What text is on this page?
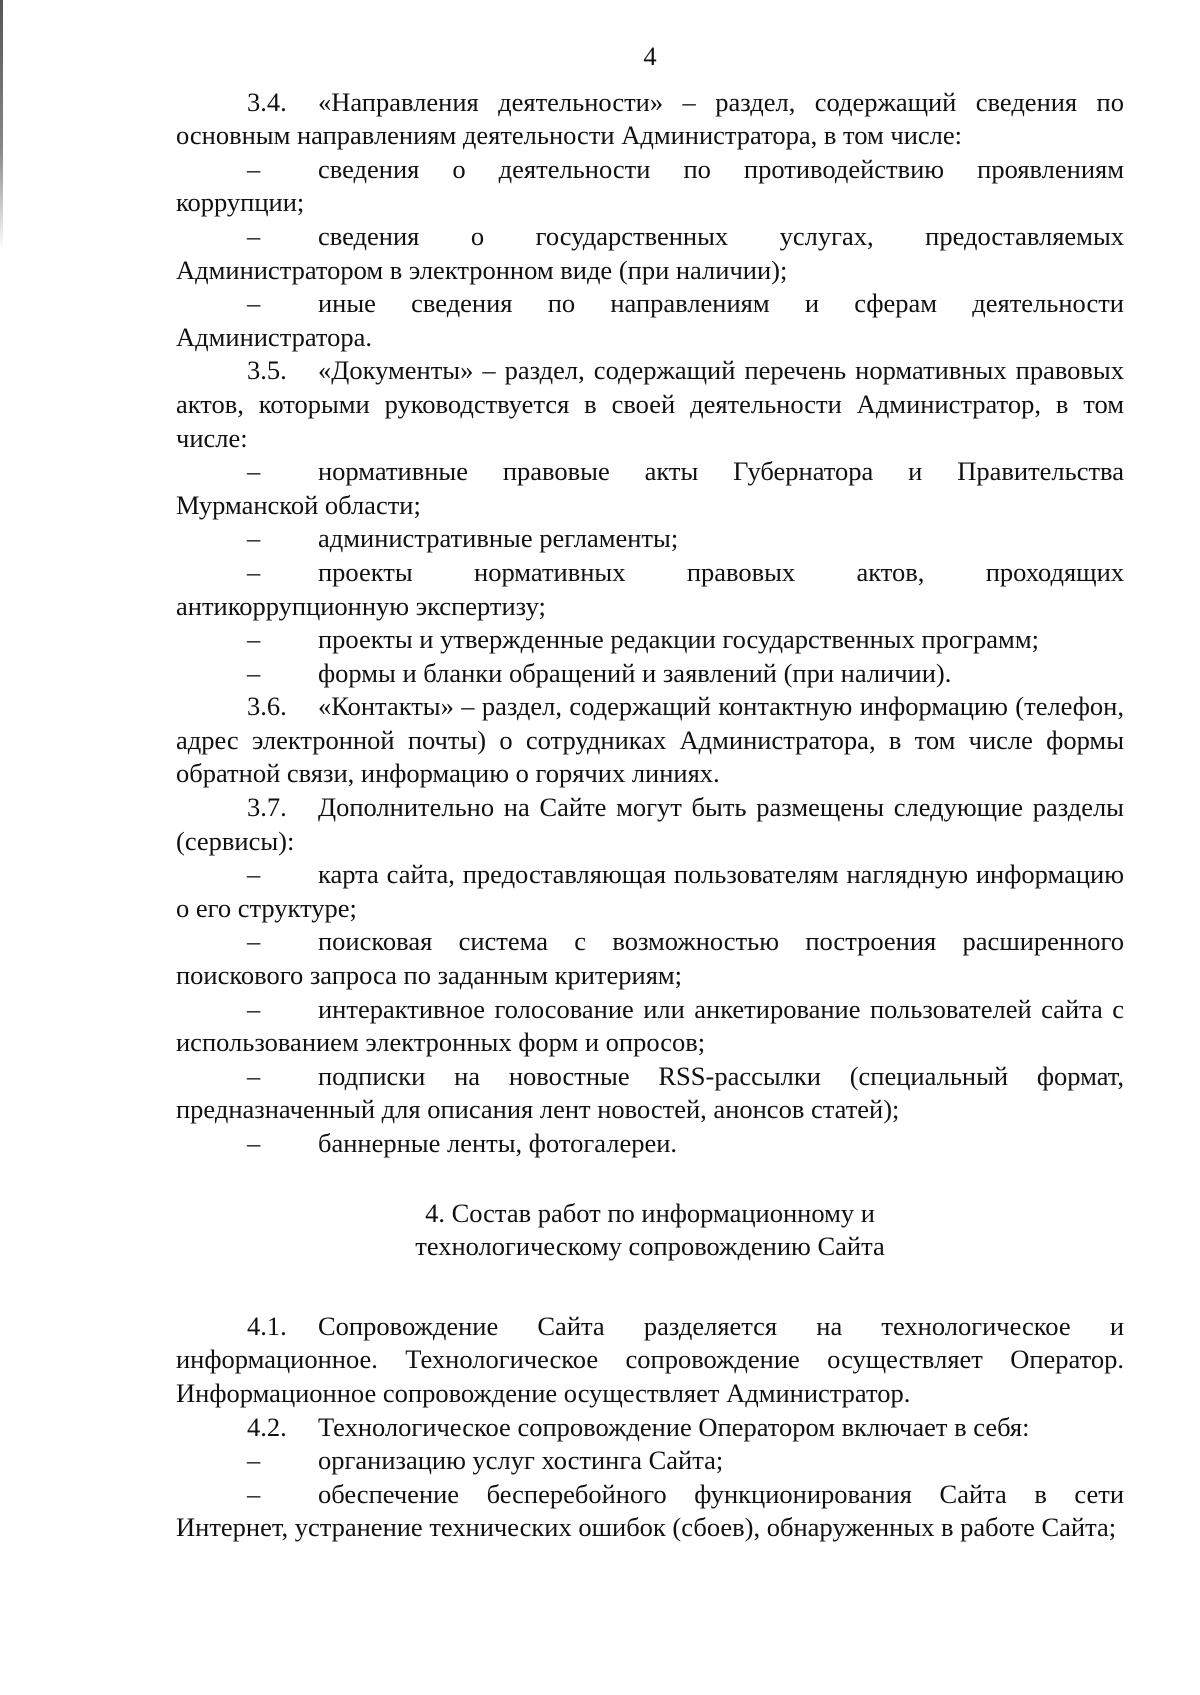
4

3.4. «Направления деятельности» – раздел, содержащий сведения по основным направлениям деятельности Администратора, в том числе:

– сведения о деятельности по противодействию проявлениям коррупции;

– сведения о государственных услугах, предоставляемых Администратором в электронном виде (при наличии);

– иные сведения по направлениям и сферам деятельности Администратора.

3.5. «Документы» – раздел, содержащий перечень нормативных правовых актов, которыми руководствуется в своей деятельности Администратор, в том числе:

– нормативные правовые акты Губернатора и Правительства Мурманской области;

– административные регламенты;

– проекты нормативных правовых актов, проходящих антикоррупционную экспертизу;

– проекты и утвержденные редакции государственных программ;

– формы и бланки обращений и заявлений (при наличии).

3.6. «Контакты» – раздел, содержащий контактную информацию (телефон, адрес электронной почты) о сотрудниках Администратора, в том числе формы обратной связи, информацию о горячих линиях.

3.7. Дополнительно на Сайте могут быть размещены следующие разделы (сервисы):

– карта сайта, предоставляющая пользователям наглядную информацию о его структуре;

– поисковая система с возможностью построения расширенного поискового запроса по заданным критериям;

– интерактивное голосование или анкетирование пользователей сайта с использованием электронных форм и опросов;

– подписки на новостные RSS-рассылки (специальный формат, предназначенный для описания лент новостей, анонсов статей);

– баннерные ленты, фотогалереи.

4. Состав работ по информационному и
технологическому сопровождению Сайта

4.1. Сопровождение Сайта разделяется на технологическое и информационное. Технологическое сопровождение осуществляет Оператор. Информационное сопровождение осуществляет Администратор.

4.2. Технологическое сопровождение Оператором включает в себя:

– организацию услуг хостинга Сайта;

– обеспечение бесперебойного функционирования Сайта в сети Интернет, устранение технических ошибок (сбоев), обнаруженных в работе Сайта;
